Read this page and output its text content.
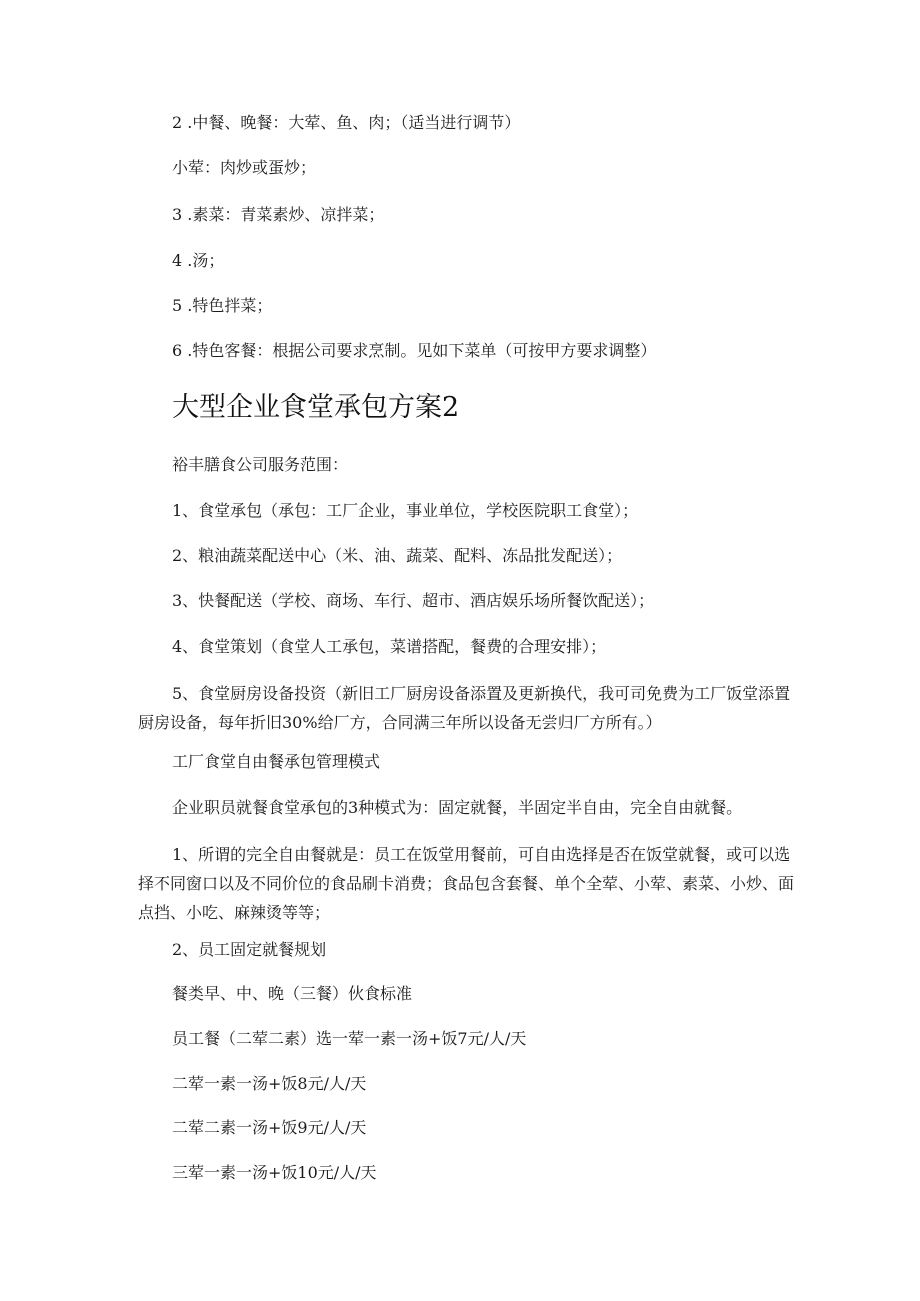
2 .中餐、晚餐：大荤、鱼、肉；（适当进行调节）
小荤：肉炒或蛋炒；
3 .素菜：青菜素炒、凉拌菜；
4 .汤；
5 .特色拌菜；
6 .特色客餐：根据公司要求烹制。见如下菜单（可按甲方要求调整）
大型企业食堂承包方案2
裕丰膳食公司服务范围：
1、食堂承包（承包：工厂企业，事业单位，学校医院职工食堂）；
2、粮油蔬菜配送中心（米、油、蔬菜、配料、冻品批发配送）；
3、快餐配送（学校、商场、车行、超市、酒店娱乐场所餐饮配送）；
4、食堂策划（食堂人工承包，菜谱搭配，餐费的合理安排）；
5、食堂厨房设备投资（新旧工厂厨房设备添置及更新换代，我可司免费为工厂饭堂添置厨房设备，每年折旧30%给厂方，合同满三年所以设备无尝归厂方所有。）
工厂食堂自由餐承包管理模式
企业职员就餐食堂承包的3种模式为：固定就餐，半固定半自由，完全自由就餐。
1、所谓的完全自由餐就是：员工在饭堂用餐前，可自由选择是否在饭堂就餐，或可以选择不同窗口以及不同价位的食品刷卡消费；食品包含套餐、单个全荤、小荤、素菜、小炒、面点挡、小吃、麻辣烫等等；
2、员工固定就餐规划
餐类早、中、晚（三餐）伙食标准
员工餐（二荤二素）选一荤一素一汤+饭7元/人/天
二荤一素一汤+饭8元/人/天
二荤二素一汤+饭9元/人/天
三荤一素一汤+饭10元/人/天
